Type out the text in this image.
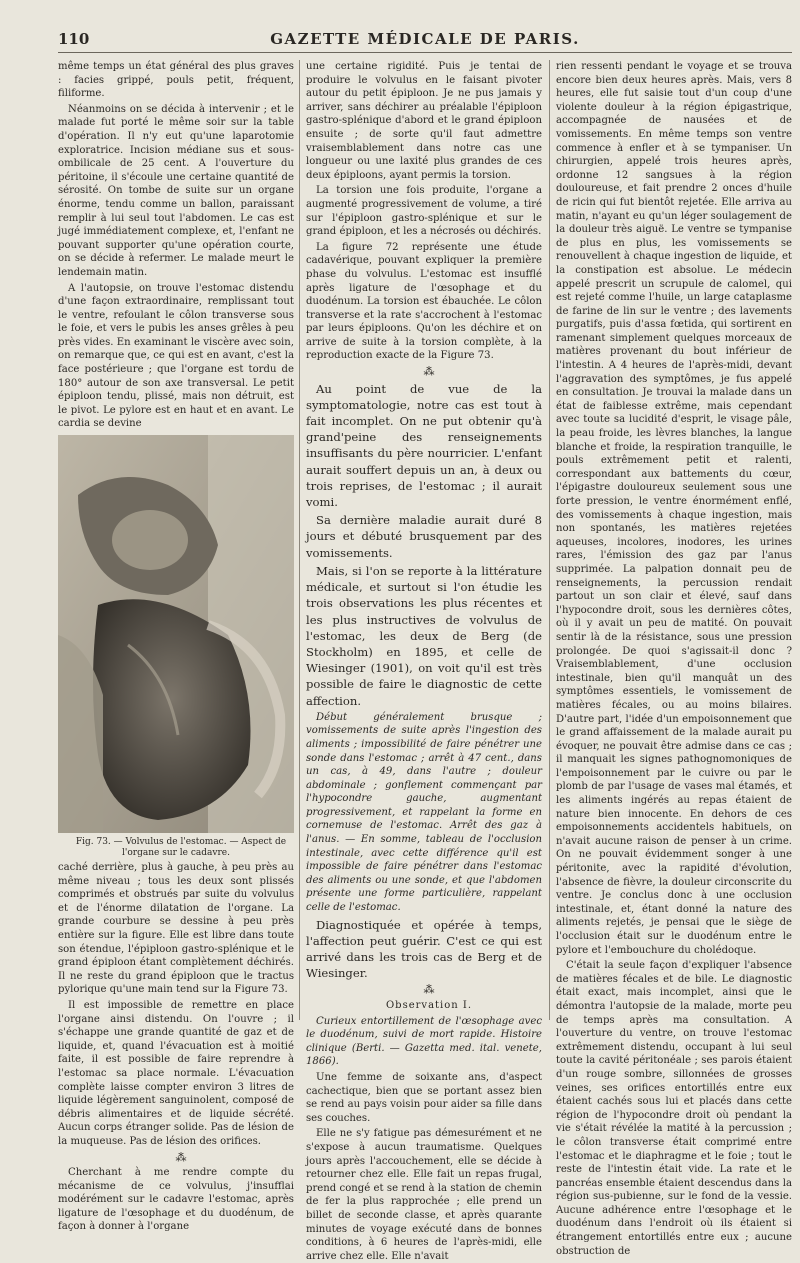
110	GAZETTE MÉDICALE DE PARIS.

même temps un état général des plus graves : facies grippé, pouls petit, fréquent, filiforme.

Néanmoins on se décida à intervenir ; et le malade fut porté le même soir sur la table d'opération. Il n'y eut qu'une laparotomie exploratrice. Incision médiane sus et sous-ombilicale de 25 cent. A l'ouverture du péritoine, il s'écoule une certaine quantité de sérosité. On tombe de suite sur un organe énorme, tendu comme un ballon, paraissant remplir à lui seul tout l'abdomen. Le cas est jugé immédiatement complexe, et, l'enfant ne pouvant supporter qu'une opération courte, on se décide à refermer. Le malade meurt le lendemain matin.

A l'autopsie, on trouve l'estomac distendu d'une façon extraordinaire, remplissant tout le ventre, refoulant le côlon transverse sous le foie, et vers le pubis les anses grêles à peu près vides. En examinant le viscère avec soin, on remarque que, ce qui est en avant, c'est la face postérieure ; que l'organe est tordu de 180° autour de son axe transversal. Le petit épiploon tendu, plissé, mais non détruit, est le pivot. Le pylore est en haut et en avant. Le cardia se devine

Fig. 73. — Volvulus de l'estomac. — Aspect de l'organe sur le cadavre.

caché derrière, plus à gauche, à peu près au même niveau ; tous les deux sont plissés comprimés et obstrués par suite du volvulus et de l'énorme dilatation de l'organe. La grande courbure se dessine à peu près entière sur la figure. Elle est libre dans toute son étendue, l'épiploon gastro-splénique et le grand épiploon étant complètement déchirés. Il ne reste du grand épiploon que le tractus pylorique qu'une main tend sur la Figure 73.

Il est impossible de remettre en place l'organe ainsi distendu. On l'ouvre ; il s'échappe une grande quantité de gaz et de liquide, et, quand l'évacuation est à moitié faite, il est possible de faire reprendre à l'estomac sa place normale. L'évacuation complète laisse compter environ 3 litres de liquide légèrement sanguinolent, composé de débris alimentaires et de liquide sécrété. Aucun corps étranger solide. Pas de lésion de la muqueuse. Pas de lésion des orifices.

⁂

Cherchant à me rendre compte du mécanisme de ce volvulus, j'insufflai modérément sur le cadavre l'estomac, après ligature de l'œsophage et du duodénum, de façon à donner à l'organe

une certaine rigidité. Puis je tentai de produire le volvulus en le faisant pivoter autour du petit épiploon. Je ne pus jamais y arriver, sans déchirer au préalable l'épiploon gastro-splénique d'abord et le grand épiploon ensuite ; de sorte qu'il faut admettre vraisemblablement dans notre cas une longueur ou une laxité plus grandes de ces deux épiploons, ayant permis la torsion.

La torsion une fois produite, l'organe a augmenté progressivement de volume, a tiré sur l'épiploon gastro-splénique et sur le grand épiploon, et les a nécrosés ou déchirés.

La figure 72 représente une étude cadavérique, pouvant expliquer la première phase du volvulus. L'estomac est insufflé après ligature de l'œsophage et du duodénum. La torsion est ébauchée. Le côlon transverse et la rate s'accrochent à l'estomac par leurs épiploons. Qu'on les déchire et on arrive de suite à la torsion complète, à la reproduction exacte de la Figure 73.

⁂

Au point de vue de la symptomatologie, notre cas est tout à fait incomplet. On ne put obtenir qu'à grand'peine des renseignements insuffisants du père nourricier. L'enfant aurait souffert depuis un an, à deux ou trois reprises, de l'estomac ; il aurait vomi.

Sa dernière maladie aurait duré 8 jours et débuté brusquement par des vomissements.

Mais, si l'on se reporte à la littérature médicale, et surtout si l'on étudie les trois observations les plus récentes et les plus instructives de volvulus de l'estomac, les deux de Berg (de Stockholm) en 1895, et celle de Wiesinger (1901), on voit qu'il est très possible de faire le diagnostic de cette affection.

Début généralement brusque ; vomissements de suite après l'ingestion des aliments ; impossibilité de faire pénétrer une sonde dans l'estomac ; arrêt à 47 cent., dans un cas, à 49, dans l'autre ; douleur abdominale ; gonflement commençant par l'hypocondre gauche, augmentant progressivement, et rappelant la forme en cornemuse de l'estomac. Arrêt des gaz à l'anus. — En somme, tableau de l'occlusion intestinale, avec cette différence qu'il est impossible de faire pénétrer dans l'estomac des aliments ou une sonde, et que l'abdomen présente une forme particulière, rappelant celle de l'estomac.

Diagnostiquée et opérée à temps, l'affection peut guérir. C'est ce qui est arrivé dans les trois cas de Berg et de Wiesinger.

⁂

Observation I.

Curieux entortillement de l'œsophage avec le duodénum, suivi de mort rapide. Histoire clinique (Berti. — Gazetta med. ital. venete, 1866).

Une femme de soixante ans, d'aspect cachectique, bien que se portant assez bien se rend au pays voisin pour aider sa fille dans ses couches.

Elle ne s'y fatigue pas démesurément et ne s'expose à aucun traumatisme. Quelques jours après l'accouchement, elle se décide à retourner chez elle. Elle fait un repas frugal, prend congé et se rend à la station de chemin de fer la plus rapprochée ; elle prend un billet de seconde classe, et après quarante minutes de voyage exécuté dans de bonnes conditions, à 6 heures de l'après-midi, elle arrive chez elle. Elle n'avait

rien ressenti pendant le voyage et se trouva encore bien deux heures après. Mais, vers 8 heures, elle fut saisie tout d'un coup d'une violente douleur à la région épigastrique, accompagnée de nausées et de vomissements. En même temps son ventre commence à enfler et à se tympaniser. Un chirurgien, appelé trois heures après, ordonne 12 sangsues à la région douloureuse, et fait prendre 2 onces d'huile de ricin qui fut bientôt rejetée. Elle arriva au matin, n'ayant eu qu'un léger soulagement de la douleur très aiguë. Le ventre se tympanise de plus en plus, les vomissements se renouvellent à chaque ingestion de liquide, et la constipation est absolue. Le médecin appelé prescrit un scrupule de calomel, qui est rejeté comme l'huile, un large cataplasme de farine de lin sur le ventre ; des lavements purgatifs, puis d'assa fœtida, qui sortirent en ramenant simplement quelques morceaux de matières provenant du bout inférieur de l'intestin. A 4 heures de l'après-midi, devant l'aggravation des symptômes, je fus appelé en consultation. Je trouvai la malade dans un état de faiblesse extrême, mais cependant avec toute sa lucidité d'esprit, le visage pâle, la peau froide, les lèvres blanches, la langue blanche et froide, la respiration tranquille, le pouls extrêmement petit et ralenti, correspondant aux battements du cœur, l'épigastre douloureux seulement sous une forte pression, le ventre énormément enflé, des vomissements à chaque ingestion, mais non spontanés, les matières rejetées aqueuses, incolores, inodores, les urines rares, l'émission des gaz par l'anus supprimée. La palpation donnait peu de renseignements, la percussion rendait partout un son clair et élevé, sauf dans l'hypocondre droit, sous les dernières côtes, où il y avait un peu de matité. On pouvait sentir là de la résistance, sous une pression prolongée. De quoi s'agissait-il donc ? Vraisemblablement, d'une occlusion intestinale, bien qu'il manquât un des symptômes essentiels, le vomissement de matières fécales, ou au moins bilaires. D'autre part, l'idée d'un empoisonnement que le grand affaissement de la malade aurait pu évoquer, ne pouvait être admise dans ce cas ; il manquait les signes pathognomoniques de l'empoisonnement par le cuivre ou par le plomb de par l'usage de vases mal étamés, et les aliments ingérés au repas étaient de nature bien innocente. En dehors de ces empoisonnements accidentels habituels, on n'avait aucune raison de penser à un crime. On ne pouvait évidemment songer à une péritonite, avec la rapidité d'évolution, l'absence de fièvre, la douleur circonscrite du ventre. Je conclus donc à une occlusion intestinale, et, étant donné la nature des aliments rejetés, je pensai que le siège de l'occlusion était sur le duodénum entre le pylore et l'embouchure du cholédoque.

C'était la seule façon d'expliquer l'absence de matières fécales et de bile. Le diagnostic était exact, mais incomplet, ainsi que le démontra l'autopsie de la malade, morte peu de temps après ma consultation. A l'ouverture du ventre, on trouve l'estomac extrêmement distendu, occupant à lui seul toute la cavité péritonéale ; ses parois étaient d'un rouge sombre, sillonnées de grosses veines, ses orifices entortillés entre eux étaient cachés sous lui et placés dans cette région de l'hypocondre droit où pendant la vie s'était révélée la matité à la percussion ; le côlon transverse était comprimé entre l'estomac et le diaphragme et le foie ; tout le reste de l'intestin était vide. La rate et le pancréas ensemble étaient descendus dans la région sus-pubienne, sur le fond de la vessie. Aucune adhérence entre l'œsophage et le duodénum dans l'endroit où ils étaient si étrangement entortillés entre eux ; aucune obstruction de
